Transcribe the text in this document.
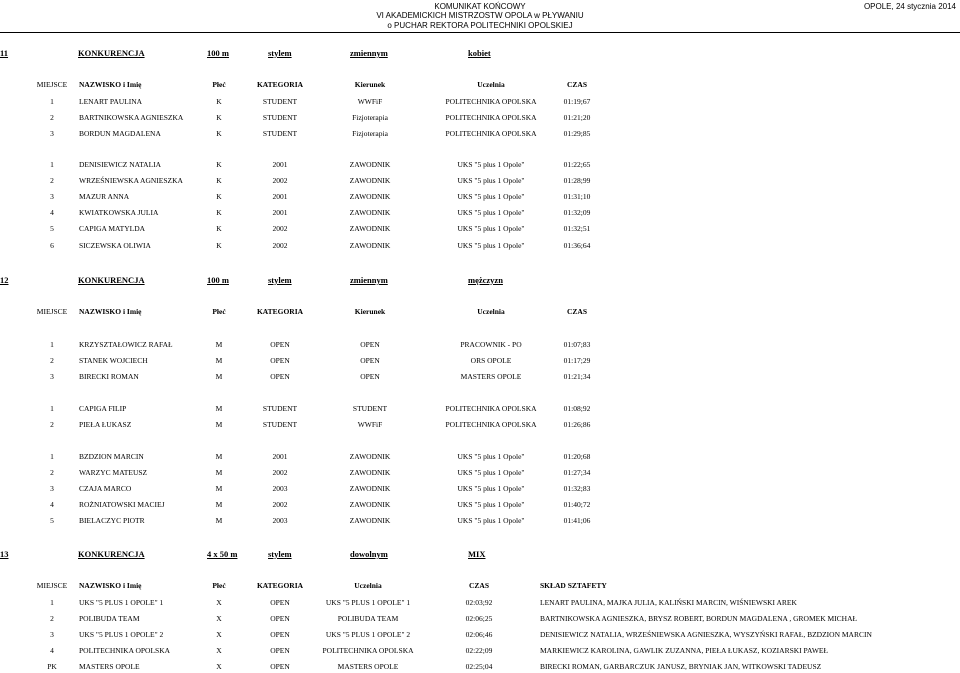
KOMUNIKAT KOŃCOWY
VI AKADEMICKICH MISTRZOSTW OPOLA w PŁYWANIU
o PUCHAR REKTORA POLITECHNIKI OPOLSKIEJ
OPOLE, 24 stycznia 2014
11	KONKURENCJA	100 m	stylem	zmiennym	kobiet
MIEJSCE NAZWISKO i Imię	Płeć	KATEGORIA	Kierunek	Uczelnia	CZAS
1	LENART PAULINA	K	STUDENT	WWFiF	POLITECHNIKA OPOLSKA	01:19;67
2	BARTNIKOWSKA AGNIESZKA	K	STUDENT	Fizjoterapia	POLITECHNIKA OPOLSKA	01:21;20
3	BORDUN MAGDALENA	K	STUDENT	Fizjoterapia	POLITECHNIKA OPOLSKA	01:29;85
1	DENISIEWICZ NATALIA	K	2001	ZAWODNIK	UKS "5 plus 1 Opole"	01:22;65
2	WRZEŚNIEWSKA AGNIESZKA	K	2002	ZAWODNIK	UKS "5 plus 1 Opole"	01:28;99
3	MAZUR ANNA	K	2001	ZAWODNIK	UKS "5 plus 1 Opole"	01:31;10
4	KWIATKOWSKA JULIA	K	2001	ZAWODNIK	UKS "5 plus 1 Opole"	01:32;09
5	CAPIGA MATYLDA	K	2002	ZAWODNIK	UKS "5 plus 1 Opole"	01:32;51
6	SICZEWSKA OLIWIA	K	2002	ZAWODNIK	UKS "5 plus 1 Opole"	01:36;64
12	KONKURENCJA	100 m	stylem	zmiennym	mężczyzn
MIEJSCE NAZWISKO i Imię	Płeć	KATEGORIA	Kierunek	Uczelnia	CZAS
1	KRZYSZTAŁOWICZ RAFAŁ	M	OPEN	OPEN	PRACOWNIK - PO	01:07;83
2	STANEK WOJCIECH	M	OPEN	OPEN	ORS OPOLE	01:17;29
3	BIRECKI ROMAN	M	OPEN	OPEN	MASTERS OPOLE	01:21;34
1	CAPIGA FILIP	M	STUDENT	STUDENT	POLITECHNIKA OPOLSKA	01:08;92
2	PIEŁA ŁUKASZ	M	STUDENT	WWFiF	POLITECHNIKA OPOLSKA	01:26;86
1	BZDZION MARCIN	M	2001	ZAWODNIK	UKS "5 plus 1 Opole"	01:20;68
2	WARZYC MATEUSZ	M	2002	ZAWODNIK	UKS "5 plus 1 Opole"	01:27;34
3	CZAJA MARCO	M	2003	ZAWODNIK	UKS "5 plus 1 Opole"	01:32;83
4	ROŻNIATOWSKI MACIEJ	M	2002	ZAWODNIK	UKS "5 plus 1 Opole"	01:40;72
5	BIELACZYC PIOTR	M	2003	ZAWODNIK	UKS "5 plus 1 Opole"	01:41;06
13	KONKURENCJA	4 x 50 m	stylem	dowolnym	MIX
MIEJSCE NAZWISKO i Imię	Płeć	KATEGORIA	Uczelnia	CZAS	SKŁAD SZTAFETY
1	UKS "5 PLUS 1 OPOLE" 1	X	OPEN	UKS "5 PLUS 1 OPOLE" 1	02:03;92	LENART PAULINA, MAJKA JULIA, KALIŃSKI MARCIN, WIŚNIEWSKI AREK
2	POLIBUDA TEAM	X	OPEN	POLIBUDA TEAM	02:06;25	BARTNIKOWSKA AGNIESZKA, BRYSZ ROBERT, BORDUN MAGDALENA , GROMEK MICHAŁ
3	UKS "5 PLUS 1 OPOLE" 2	X	OPEN	UKS "5 PLUS 1 OPOLE" 2	02:06;46	DENISIEWICZ NATALIA, WRZEŚNIEWSKA AGNIESZKA, WYSZYŃSKI RAFAŁ, BZDZION MARCIN
4	POLITECHNIKA OPOLSKA	X	OPEN	POLITECHNIKA OPOLSKA	02:22;09	MARKIEWICZ KAROLINA, GAWLIK ZUZANNA, PIEŁA ŁUKASZ, KOZIARSKI PAWEŁ
PK	MASTERS OPOLE	X	OPEN	MASTERS OPOLE	02:25;04	BIRECKI ROMAN, GARBARCZUK JANUSZ, BRYNIAK JAN, WITKOWSKI TADEUSZ
